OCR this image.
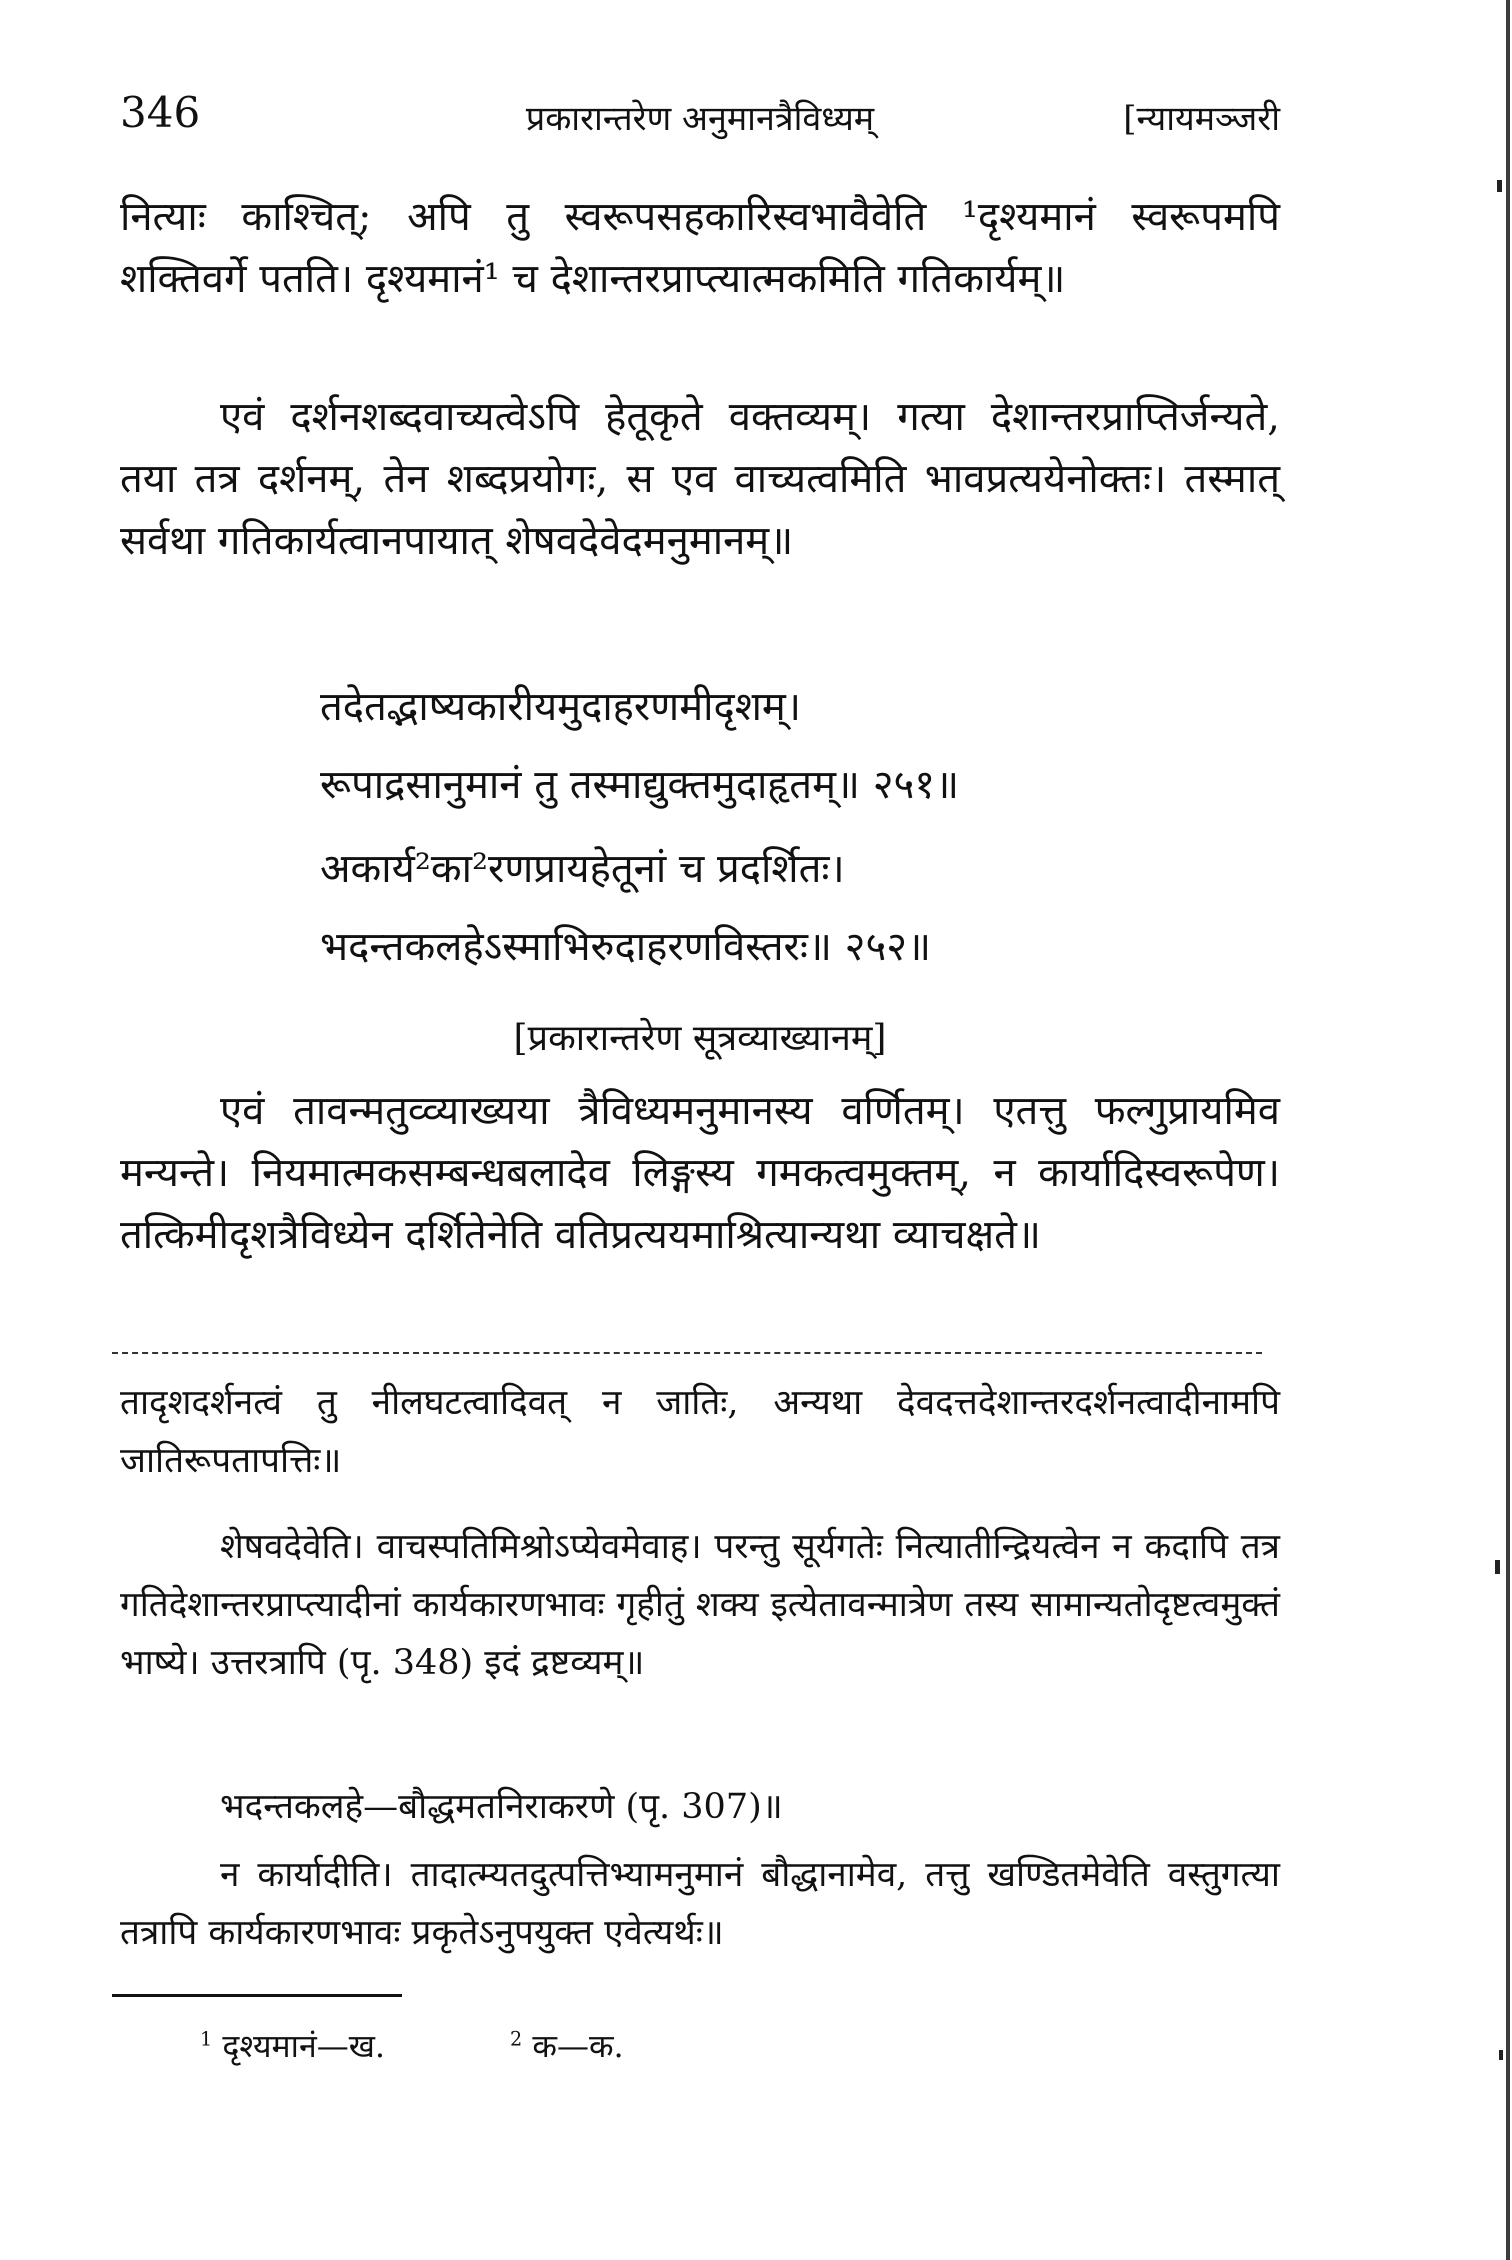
346	प्रकारान्तरेण अनुमानत्रैविध्यम्	[न्यायमञ्जरी

नित्याः काश्चित्; अपि तु स्वरूपसहकारिस्वभावैवेति ¹दृश्यमानं स्वरूपमपि शक्तिवर्गे पतति। दृश्यमानं¹ च देशान्तरप्राप्त्यात्मकमिति गतिकार्यम्॥

एवं दर्शनशब्दवाच्यत्वेऽपि हेतूकृते वक्तव्यम्। गत्या देशान्तरप्राप्तिर्जन्यते, तया तत्र दर्शनम्, तेन शब्दप्रयोगः, स एव वाच्यत्वमिति भावप्रत्ययेनोक्तः। तस्मात् सर्वथा गतिकार्यत्वानपायात् शेषवदेवेदमनुमानम्॥

तदेतद्भाष्यकारीयमुदाहरणमीदृशम्।

रूपाद्रसानुमानं तु तस्माद्युक्तमुदाहृतम्॥ २५१॥

अकार्य²का²रणप्रायहेतूनां च प्रदर्शितः।

भदन्तकलहेऽस्माभिरुदाहरणविस्तरः॥ २५२॥

[प्रकारान्तरेण सूत्रव्याख्यानम्]

एवं तावन्मतुव्व्याख्यया त्रैविध्यमनुमानस्य वर्णितम्। एतत्तु फल्गुप्रायमिव मन्यन्ते। नियमात्मकसम्बन्धबलादेव लिङ्गस्य गमकत्वमुक्तम्, न कार्यादिस्वरूपेण। तत्किमीदृशत्रैविध्येन दर्शितेनेति वतिप्रत्ययमाश्रित्यान्यथा व्याचक्षते॥

तादृशदर्शनत्वं तु नीलघटत्वादिवत् न जातिः, अन्यथा देवदत्तदेशान्तरदर्शनत्वादीनामपि जातिरूपतापत्तिः॥

शेषवदेवेति। वाचस्पतिमिश्रोऽप्येवमेवाह। परन्तु सूर्यगतेः नित्यातीन्द्रियत्वेन न कदापि तत्र गतिदेशान्तरप्राप्त्यादीनां कार्यकारणभावः गृहीतुं शक्य इत्येतावन्मात्रेण तस्य सामान्यतोदृष्टत्वमुक्तं भाष्ये। उत्तरत्रापि (पृ. 348) इदं द्रष्टव्यम्॥

भदन्तकलहे—बौद्धमतनिराकरणे (पृ. 307)॥

न कार्यादीति। तादात्म्यतदुत्पत्तिभ्यामनुमानं बौद्धानामेव, तत्तु खण्डितमेवेति वस्तुगत्या तत्रापि कार्यकारणभावः प्रकृतेऽनुपयुक्त एवेत्यर्थः॥

$^1$ दृश्यमानं—ख.	$^2$ क—क.
